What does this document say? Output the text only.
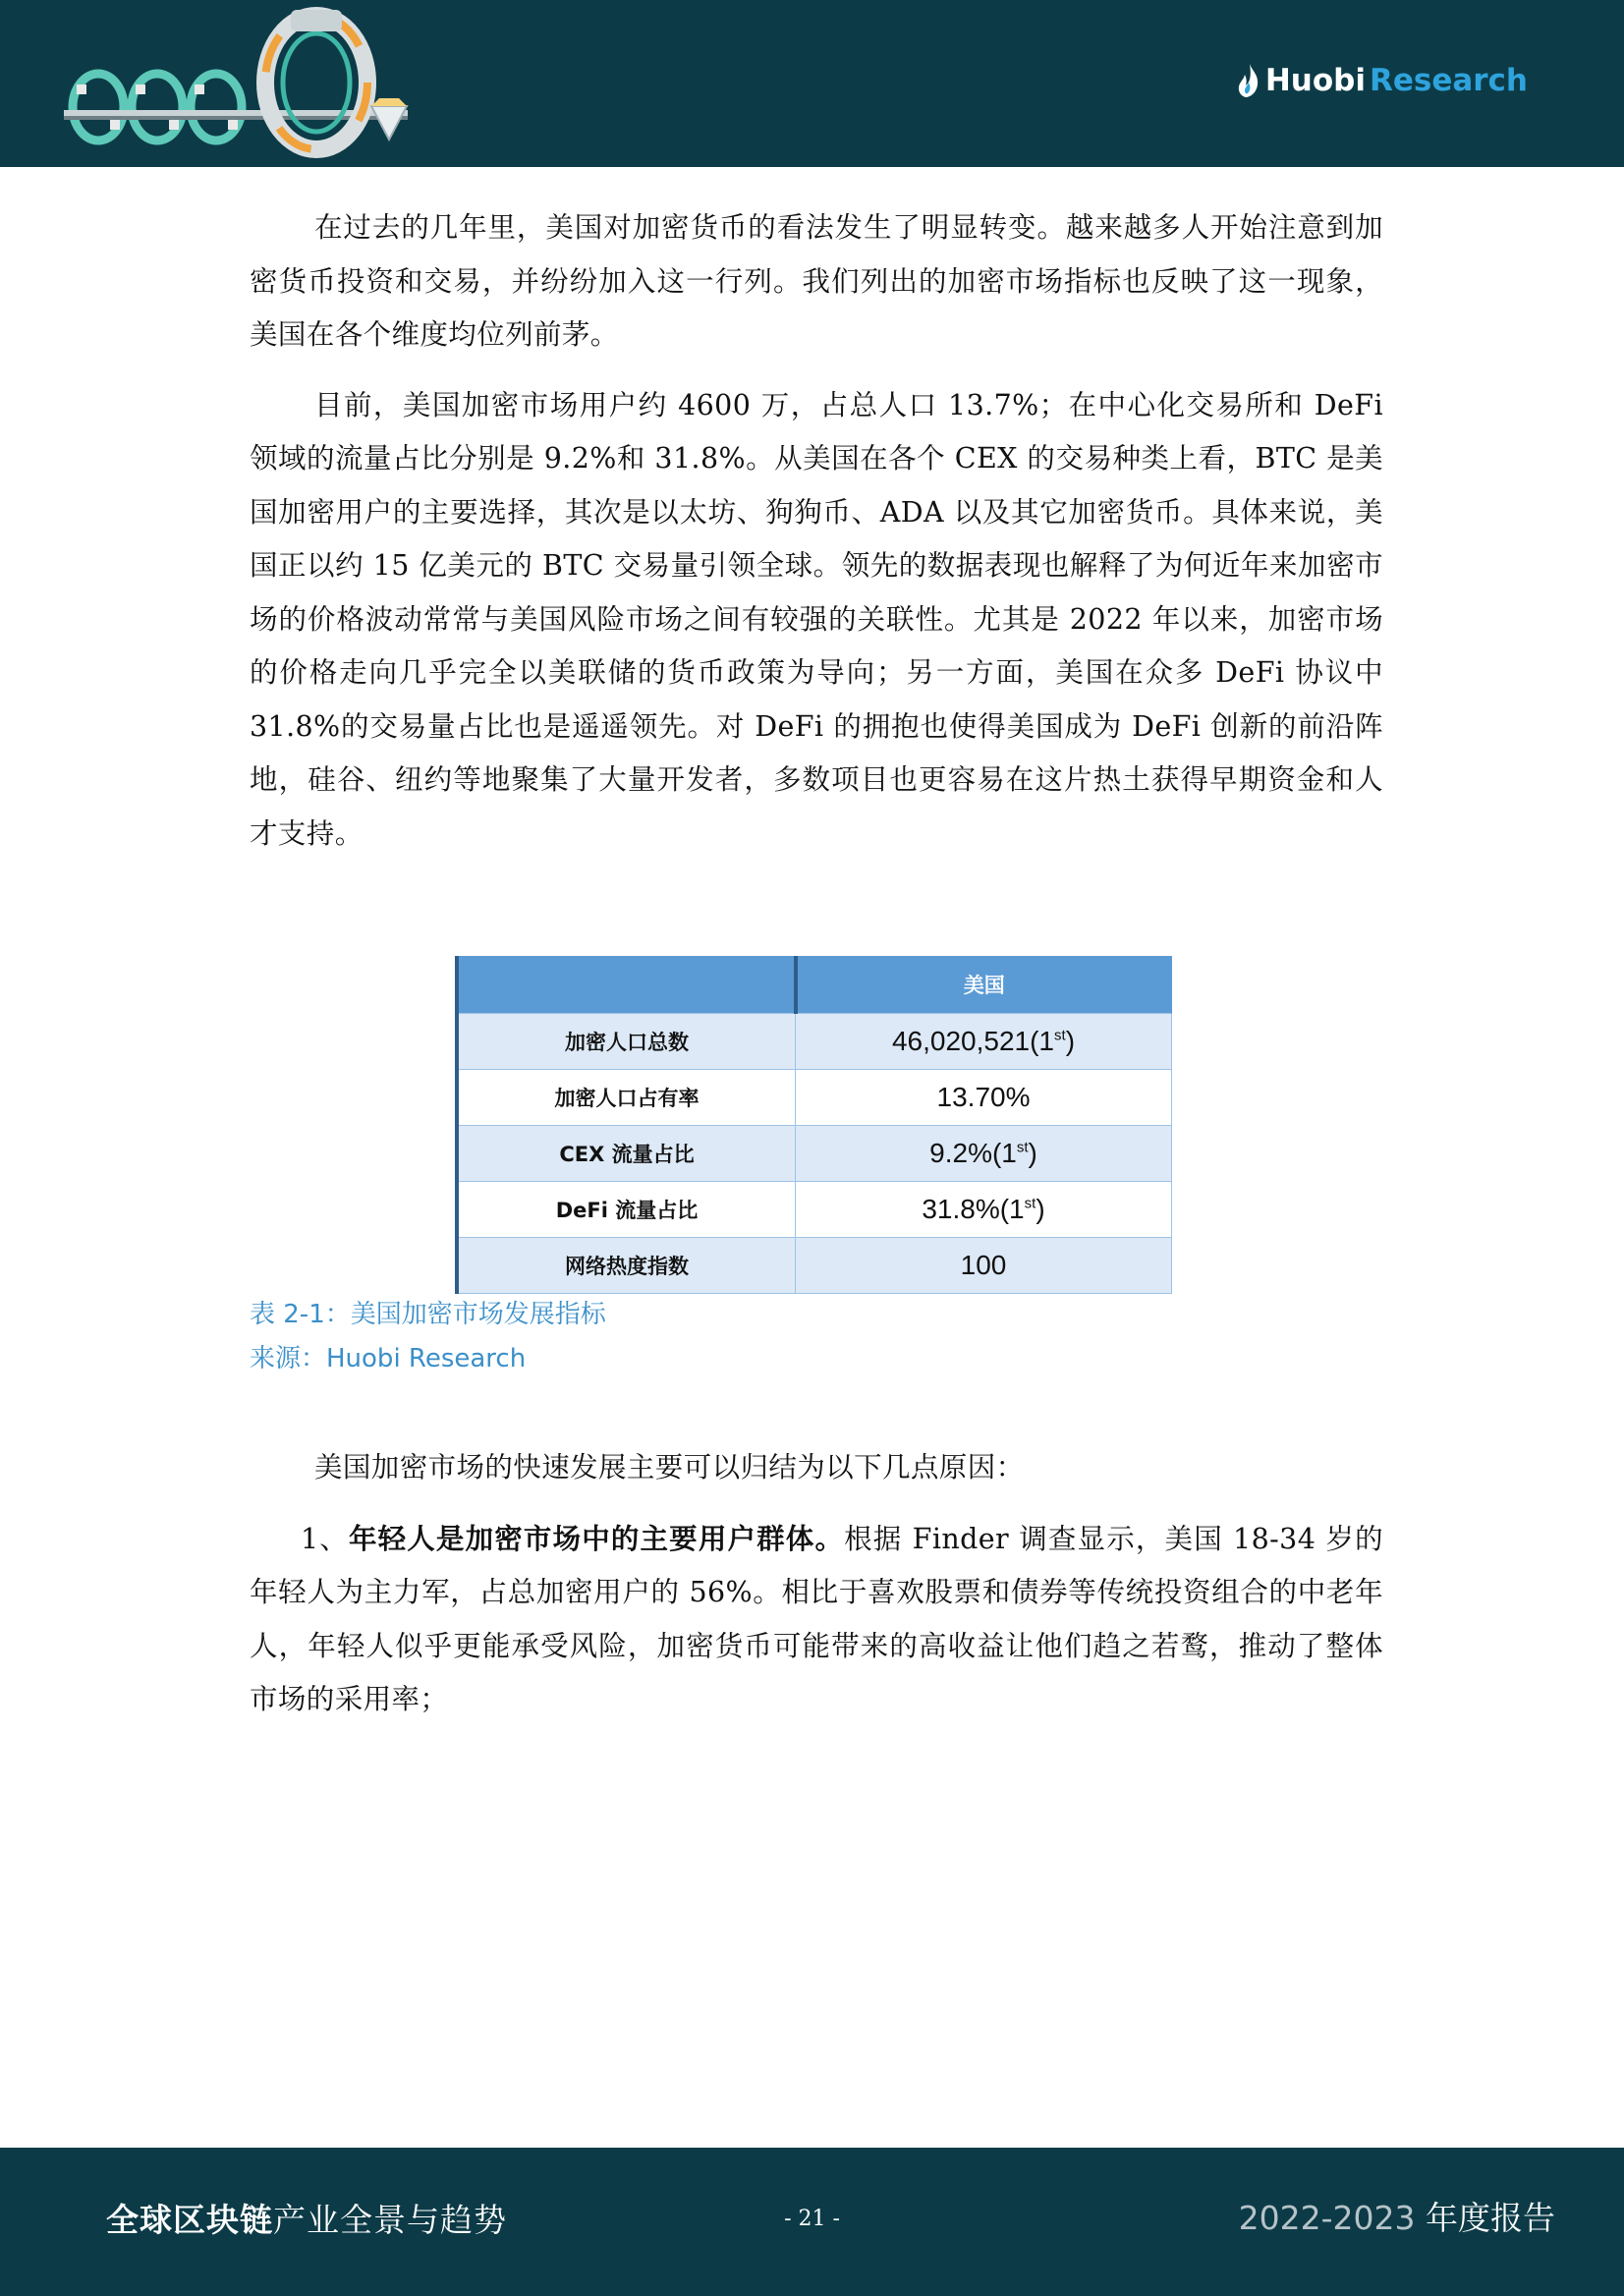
Huobi Research

在过去的几年里，美国对加密货币的看法发生了明显转变。越来越多人开始注意到加密货币投资和交易，并纷纷加入这一行列。我们列出的加密市场指标也反映了这一现象，美国在各个维度均位列前茅。

目前，美国加密市场用户约 4600 万，占总人口 13.7%；在中心化交易所和 DeFi 领域的流量占比分别是 9.2%和 31.8%。从美国在各个 CEX 的交易种类上看，BTC 是美国加密用户的主要选择，其次是以太坊、狗狗币、ADA 以及其它加密货币。具体来说，美国正以约 15 亿美元的 BTC 交易量引领全球。领先的数据表现也解释了为何近年来加密市场的价格波动常常与美国风险市场之间有较强的关联性。尤其是 2022 年以来，加密市场的价格走向几乎完全以美联储的货币政策为导向；另一方面，美国在众多 DeFi 协议中 31.8%的交易量占比也是遥遥领先。对 DeFi 的拥抱也使得美国成为 DeFi 创新的前沿阵地，硅谷、纽约等地聚集了大量开发者，多数项目也更容易在这片热土获得早期资金和人才支持。

	美国
加密人口总数	46,020,521(1st)
加密人口占有率	13.70%
CEX 流量占比	9.2%(1st)
DeFi 流量占比	31.8%(1st)
网络热度指数	100
表 2-1：美国加密市场发展指标
来源：Huobi Research

美国加密市场的快速发展主要可以归结为以下几点原因：

1、年轻人是加密市场中的主要用户群体。根据 Finder 调查显示，美国 18-34 岁的年轻人为主力军，占总加密用户的 56%。相比于喜欢股票和债券等传统投资组合的中老年人，年轻人似乎更能承受风险，加密货币可能带来的高收益让他们趋之若鹜，推动了整体市场的采用率；

全球区块链产业全景与趋势	- 21 -	2022-2023 年度报告
